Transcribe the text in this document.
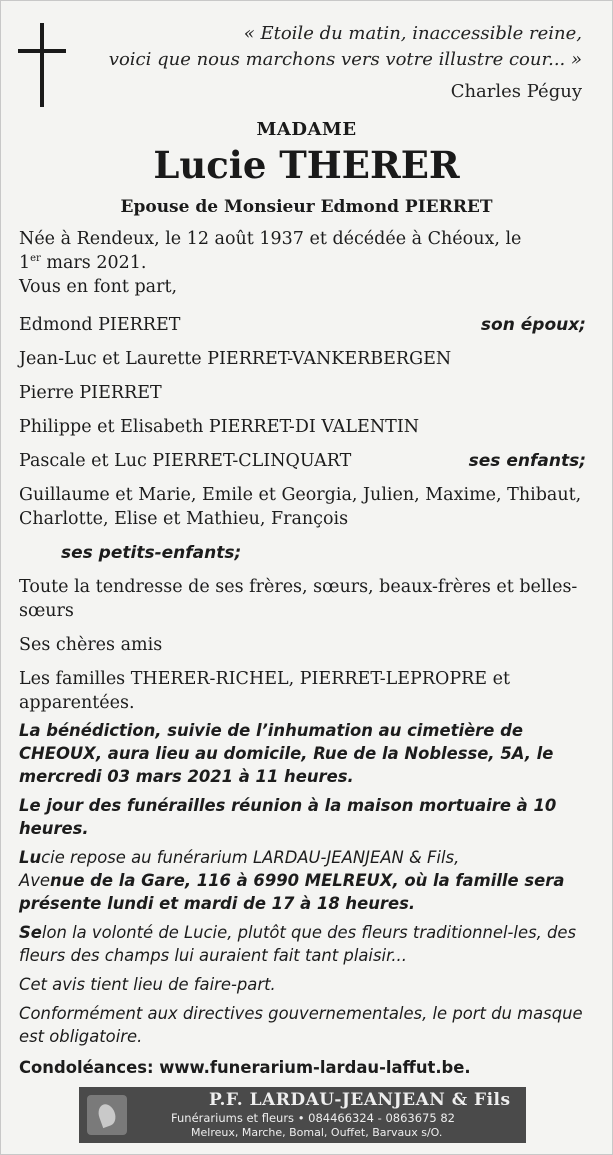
« Etoile du matin, inaccessible reine,
voici que nous marchons vers votre illustre cour... »
Charles Péguy
MADAME
Lucie THERER
Epouse de Monsieur Edmond PIERRET

Née à Rendeux, le 12 août 1937 et décédée à Chéoux, le

1er mars 2021.

Vous en font part,

Edmond PIERRET	son époux;

Jean-Luc et Laurette PIERRET-VANKERBERGEN

Pierre PIERRET

Philippe et Elisabeth PIERRET-DI VALENTIN

Pascale et Luc PIERRET-CLINQUART	ses enfants;

Guillaume et Marie, Emile et Georgia, Julien, Maxime, Thibaut, Charlotte, Elise et Mathieu, François

ses petits-enfants;

Toute la tendresse de ses frères, sœurs, beaux-frères et belles-sœurs

Ses chères amis

Les familles THERER-RICHEL, PIERRET-LEPROPRE et apparentées.

La bénédiction, suivie de l’inhumation au cimetière de CHEOUX, aura lieu au domicile, Rue de la Noblesse, 5A, le mercredi 03 mars 2021 à 11 heures.

Le jour des funérailles réunion à la maison mortuaire à 10 heures.

Lucie repose au funérarium LARDAU-JEANJEAN & Fils,
Avenue de la Gare, 116 à 6990 MELREUX, où la famille sera présente lundi et mardi de 17 à 18 heures.

Selon la volonté de Lucie, plutôt que des fleurs traditionnel-les, des fleurs des champs lui auraient fait tant plaisir...

Cet avis tient lieu de faire-part.

Conformément aux directives gouvernementales, le port du masque est obligatoire.

Condoléances: www.funerarium-lardau-laffut.be.

P.F. LARDAU-JEANJEAN & Fils
Funérariums et fleurs • 084466324 - 0863675 82
Melreux, Marche, Bomal, Ouffet, Barvaux s/O.
